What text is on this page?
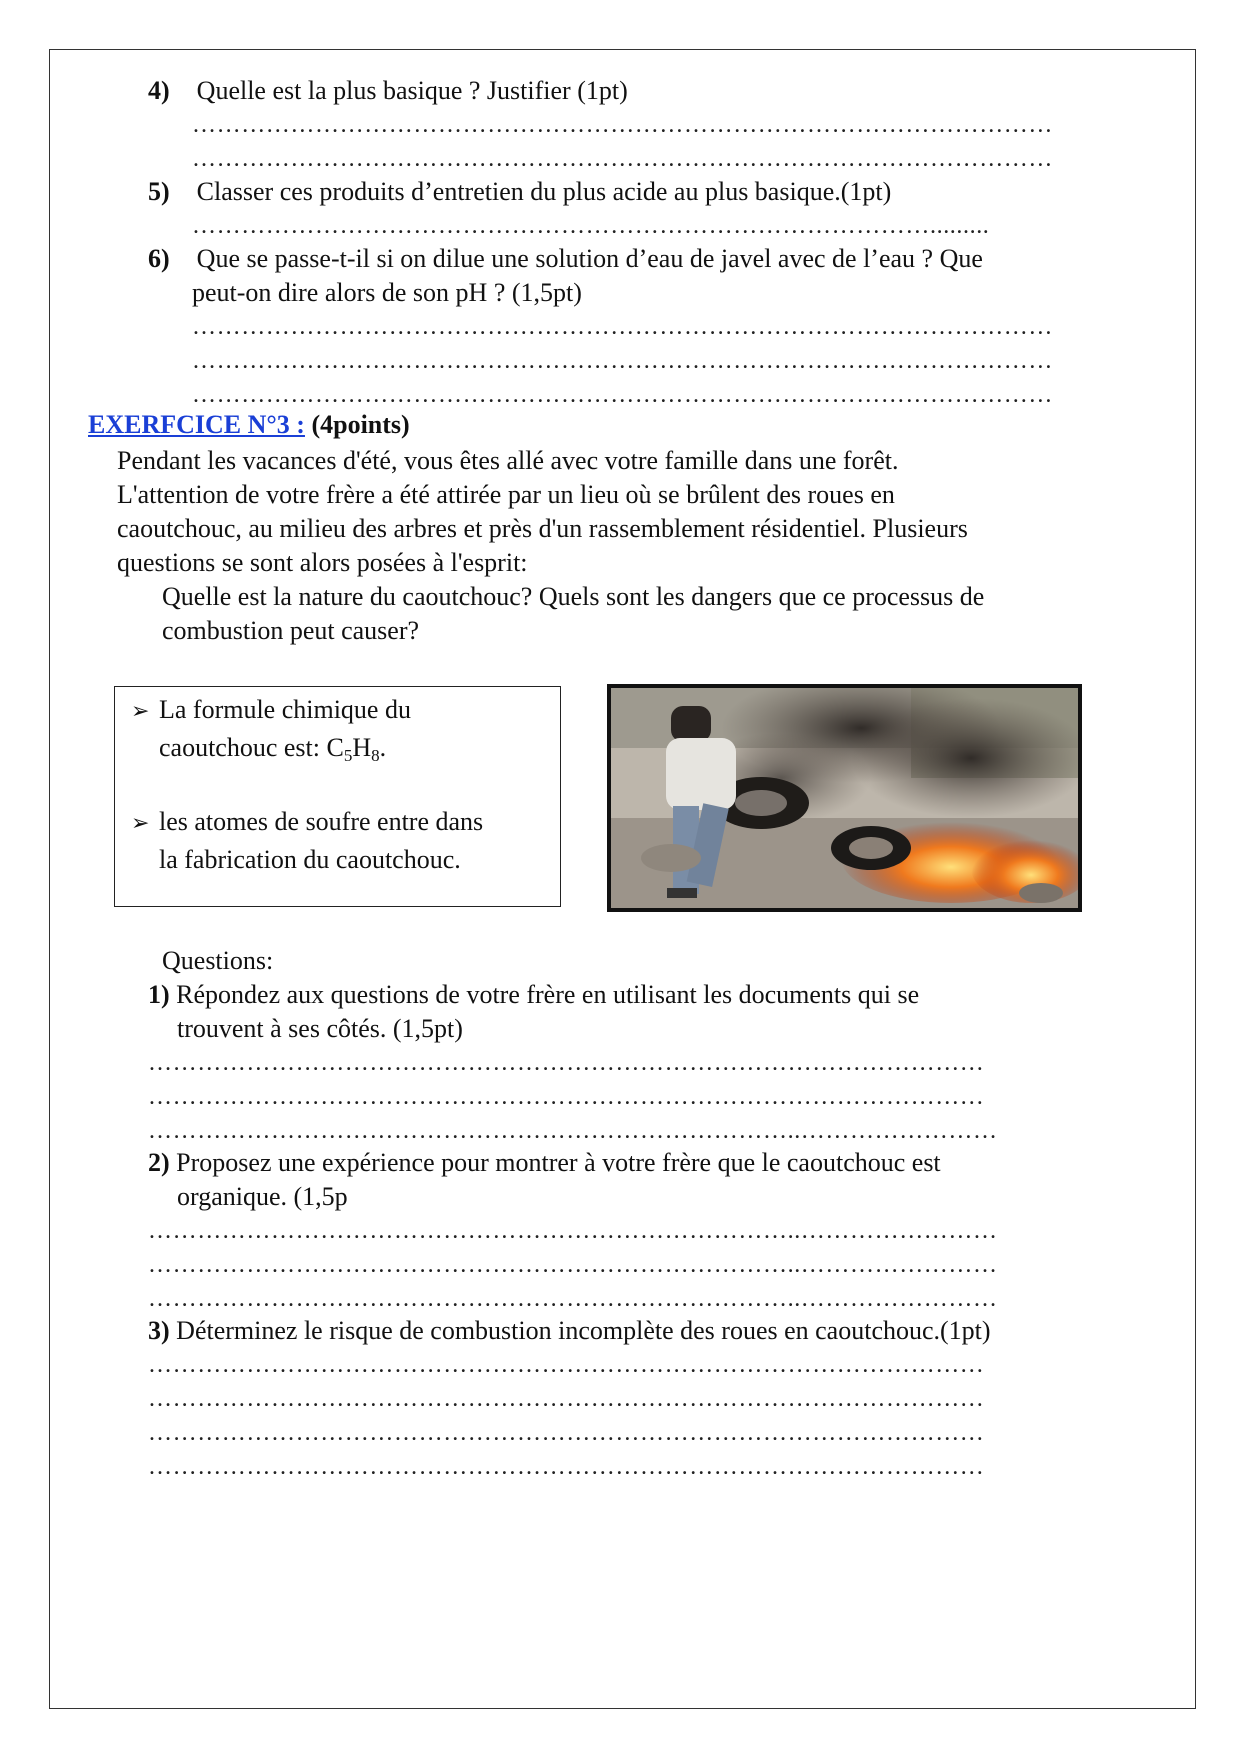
4) Quelle est la plus basique ? Justifier (1pt)
……………………………………………………………………………………………
……………………………………………………………………………………………
5) Classer ces produits d’entretien du plus acide au plus basique.(1pt)
……………………………………………………………………………….........
6) Que se passe-t-il si on dilue une solution d’eau de javel avec de l’eau ? Que
peut-on dire alors de son pH ? (1,5pt)
……………………………………………………………………………………………
……………………………………………………………………………………………
……………………………………………………………………………………………
EXERFCICE N°3 : (4points)
Pendant les vacances d'été, vous êtes allé avec votre famille dans une forêt.
L'attention de votre frère a été attirée par un lieu où se brûlent des roues en
caoutchouc, au milieu des arbres et près d'un rassemblement résidentiel. Plusieurs
questions se sont alors posées à l'esprit:
Quelle est la nature du caoutchouc? Quels sont les dangers que ce processus de
combustion peut causer?
➢ La formule chimique du
caoutchouc est: $C_5H_8$.
➢ les atomes de soufre entre dans
la fabrication du caoutchouc.
Questions:
1) Répondez aux questions de votre frère en utilisant les documents qui se
trouvent à ses côtés. (1,5pt)
…………………………………………………………………………………………
…………………………………………………………………………………………
……………………………………………………………………..……………………
2) Proposez une expérience pour montrer à votre frère que le caoutchouc est
organique. (1,5p
……………………………………………………………………..……………………
……………………………………………………………………..……………………
……………………………………………………………………..……………………
3) Déterminez le risque de combustion incomplète des roues en caoutchouc.(1pt)
…………………………………………………………………………………………
…………………………………………………………………………………………
…………………………………………………………………………………………
…………………………………………………………………………………………
